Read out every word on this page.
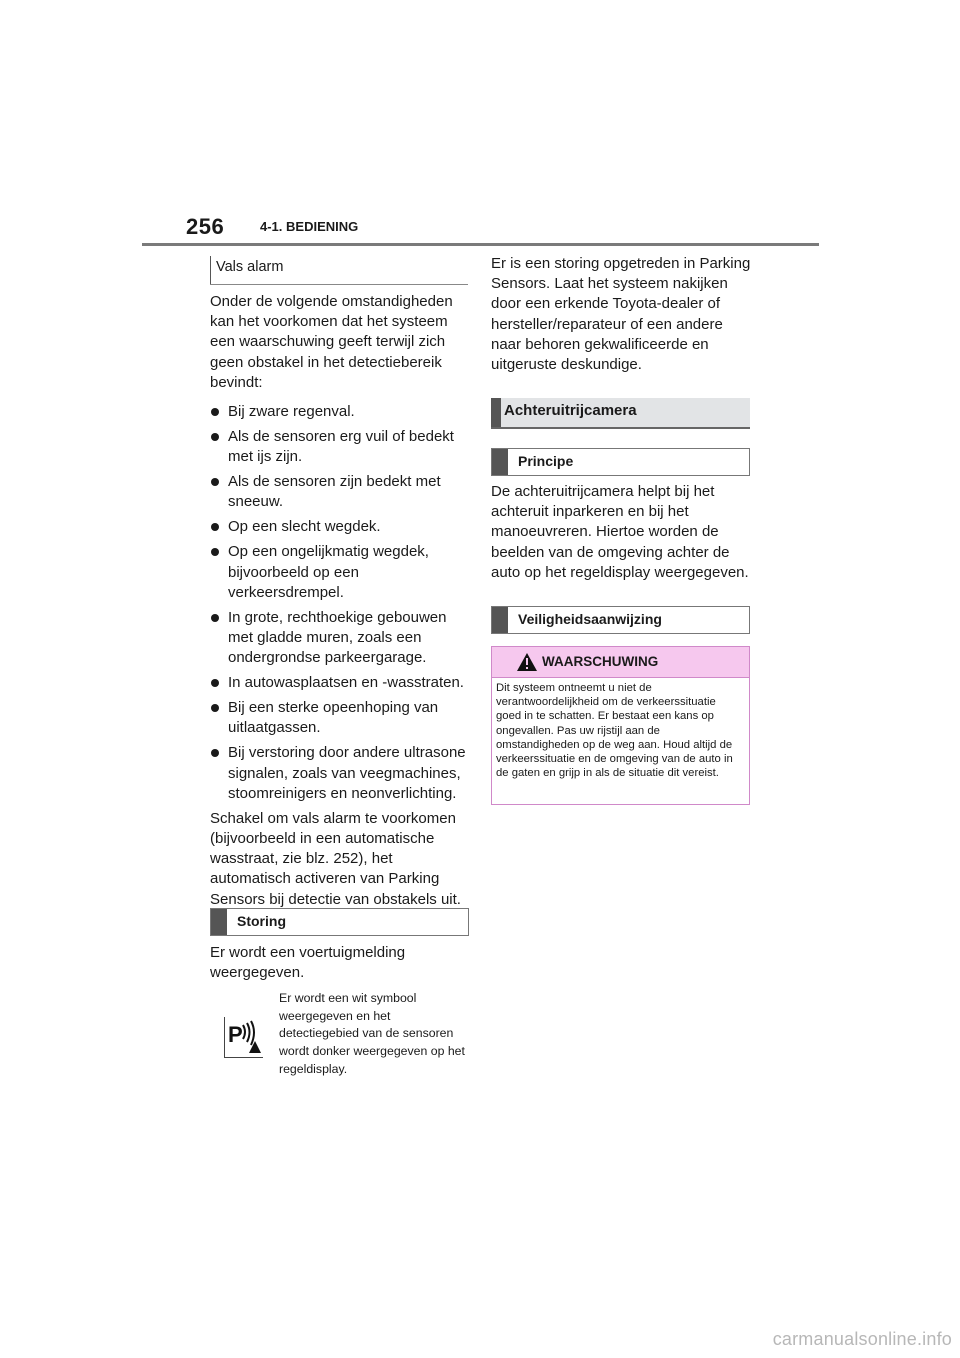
256	4-1. BEDIENING
Vals alarm

Onder de volgende omstandigheden kan het voorkomen dat het systeem een waarschuwing geeft terwijl zich geen obstakel in het detectiebereik bevindt:

Bij zware regenval.
Als de sensoren erg vuil of bedekt met ijs zijn.
Als de sensoren zijn bedekt met sneeuw.
Op een slecht wegdek.
Op een ongelijkmatig wegdek, bijvoorbeeld op een verkeersdrempel.
In grote, rechthoekige gebouwen met gladde muren, zoals een ondergrondse parkeergarage.
In autowasplaatsen en -wasstraten.
Bij een sterke opeenhoping van uitlaatgassen.
Bij verstoring door andere ultrasone signalen, zoals van veegmachines, stoomreinigers en neonverlichting.

Schakel om vals alarm te voorkomen (bijvoorbeeld in een automatische wasstraat, zie blz. 252), het automatisch activeren van Parking Sensors bij detectie van obstakels uit.

Storing
Er wordt een voertuigmelding weergegeven.
P
Er wordt een wit symbool weergegeven en het detectiegebied van de sensoren wordt donker weergegeven op het regeldisplay.
Er is een storing opgetreden in Parking Sensors. Laat het systeem nakijken door een erkende Toyota-dealer of hersteller/reparateur of een andere naar behoren gekwalificeerde en uitgeruste deskundige.
Achteruitrijcamera
Principe
De achteruitrijcamera helpt bij het achteruit inparkeren en bij het manoeuvreren. Hiertoe worden de beelden van de omgeving achter de auto op het regeldisplay weergegeven.
Veiligheidsaanwijzing
WAARSCHUWING
Dit systeem ontneemt u niet de verantwoordelijkheid om de verkeerssituatie goed in te schatten. Er bestaat een kans op ongevallen. Pas uw rijstijl aan de omstandigheden op de weg aan. Houd altijd de verkeerssituatie en de omgeving van de auto in de gaten en grijp in als de situatie dit vereist.
carmanualsonline.info
